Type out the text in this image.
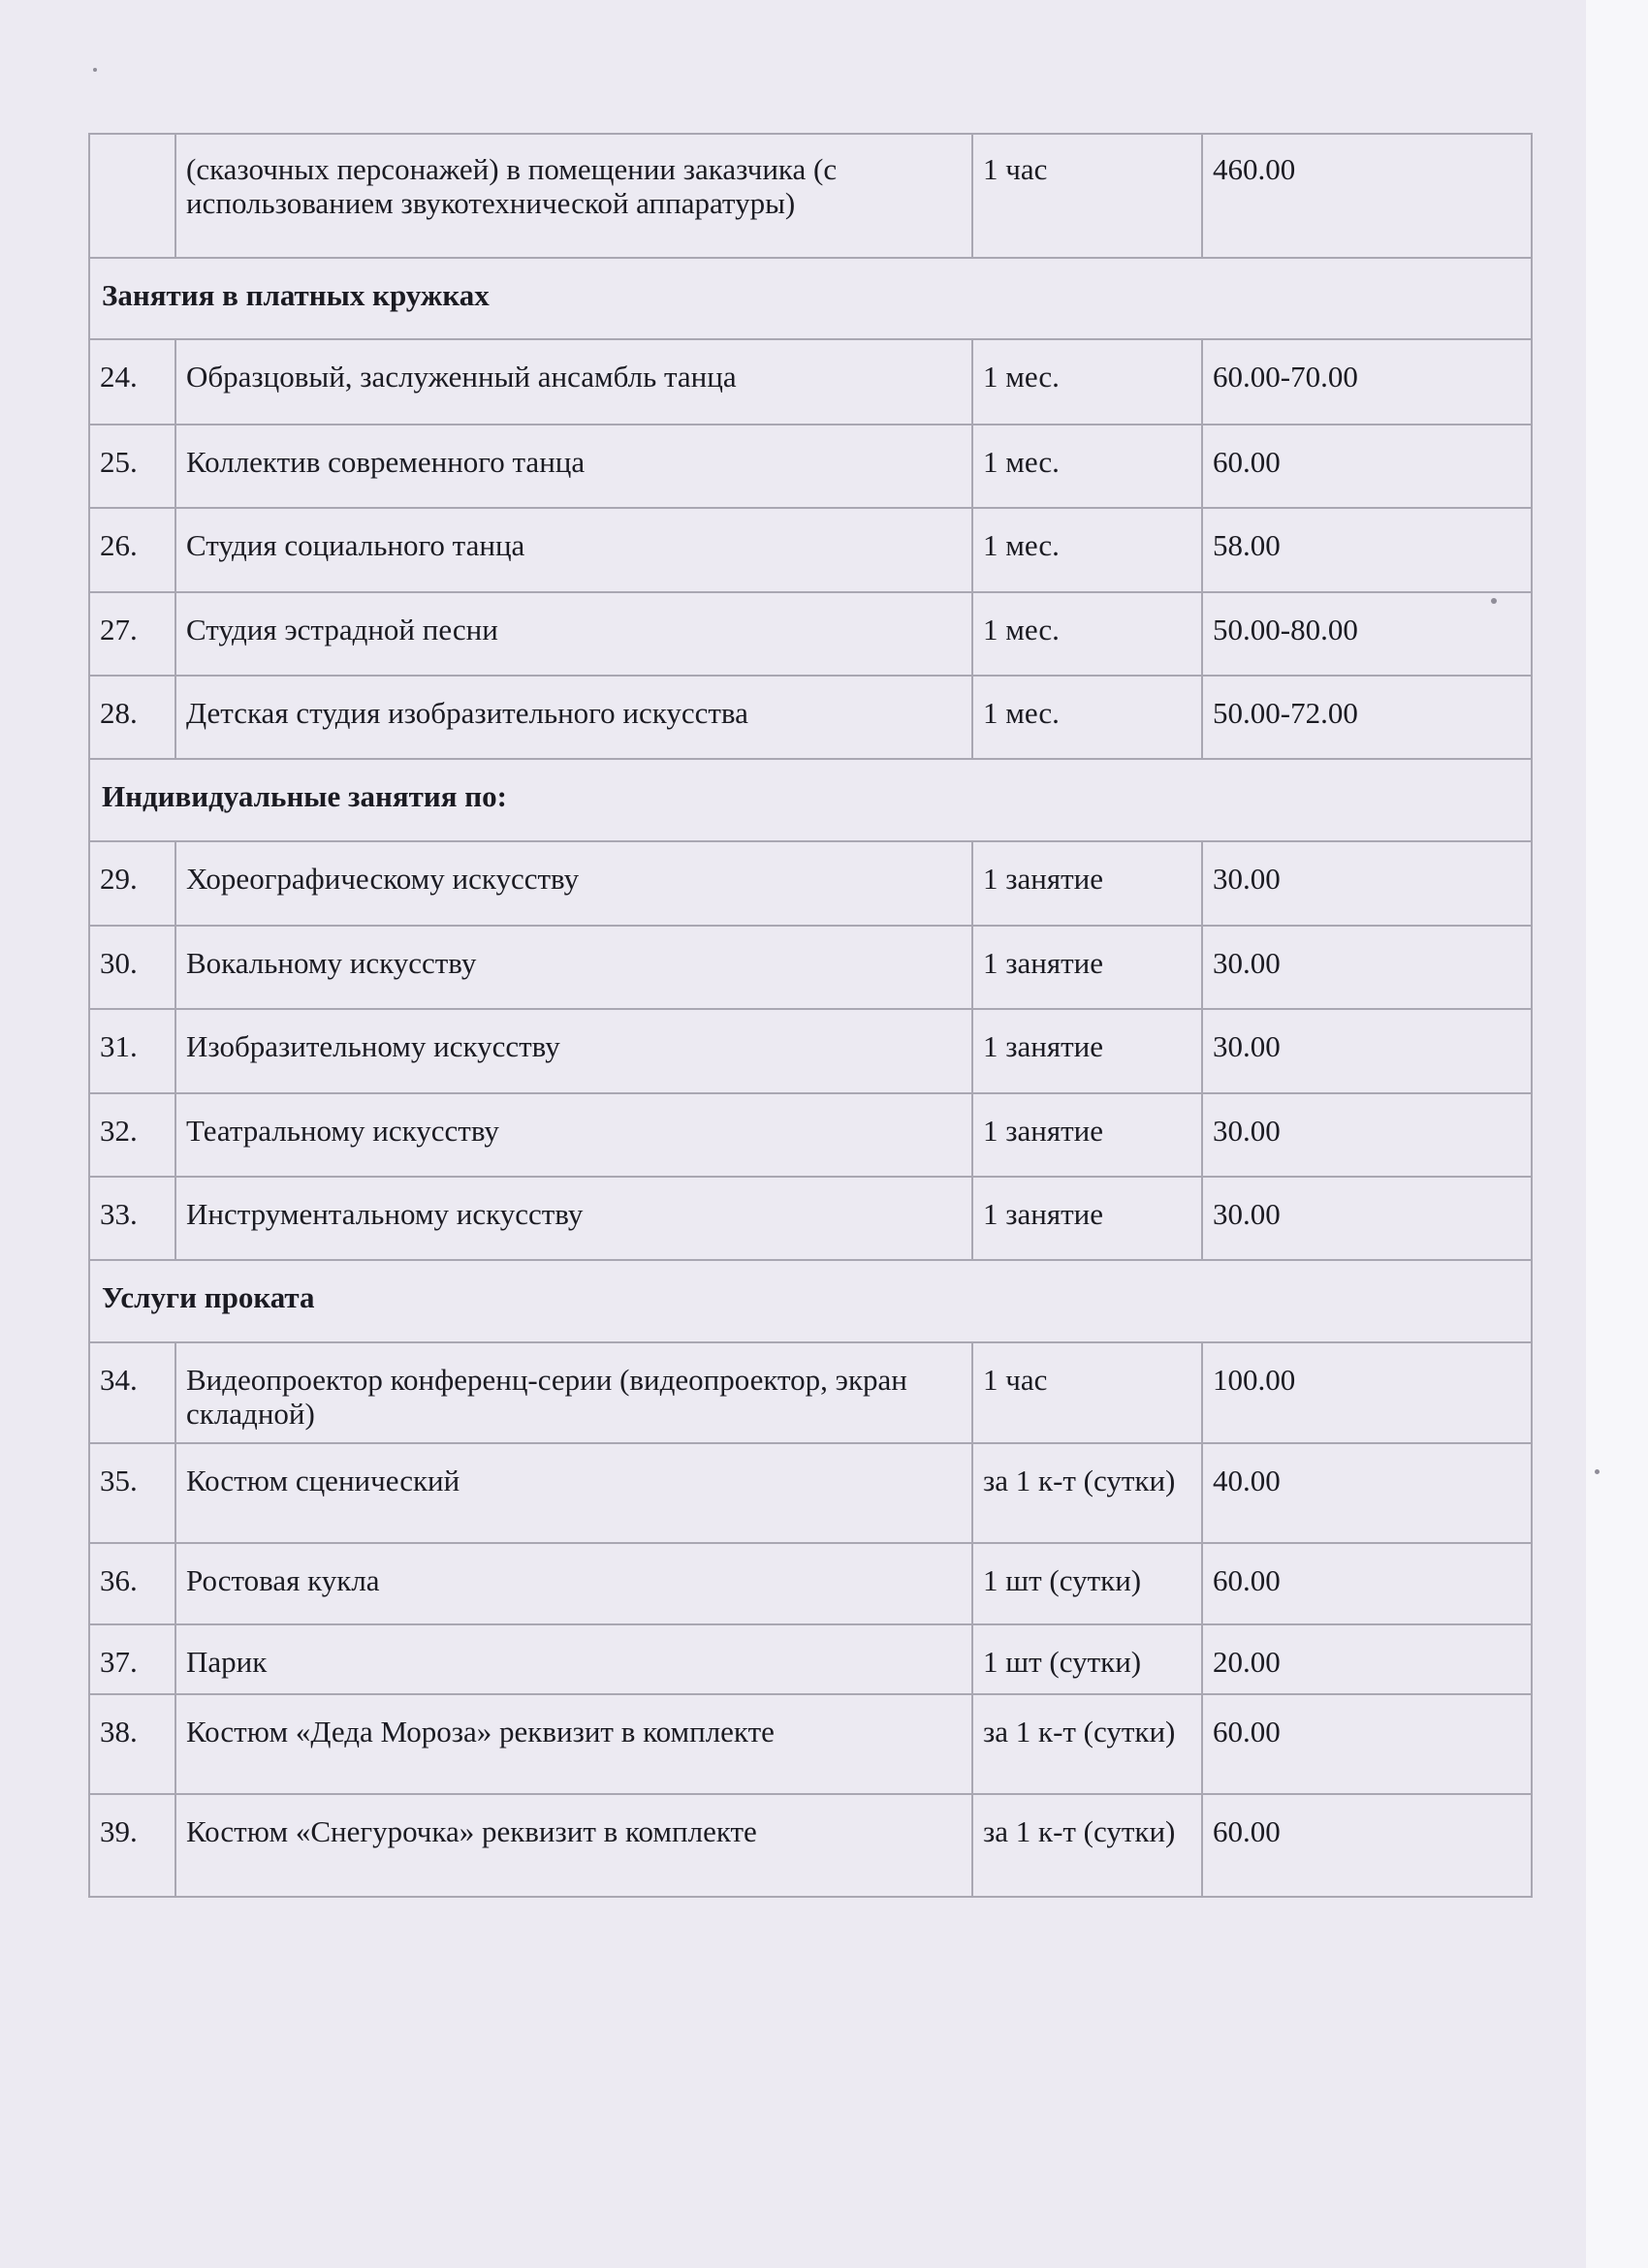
	(сказочных персонажей) в помещении заказчика (с использованием звукотехнической аппаратуры)	1 час	460.00
Занятия в платных кружках			
24.	Образцовый, заслуженный ансамбль танца	1 мес.	60.00-70.00
25.	Коллектив современного танца	1 мес.	60.00
26.	Студия социального танца	1 мес.	58.00
27.	Студия эстрадной песни	1 мес.	50.00-80.00
28.	Детская студия изобразительного искусства	1 мес.	50.00-72.00
Индивидуальные занятия по:			
29.	Хореографическому искусству	1 занятие	30.00
30.	Вокальному искусству	1 занятие	30.00
31.	Изобразительному искусству	1 занятие	30.00
32.	Театральному искусству	1 занятие	30.00
33.	Инструментальному искусству	1 занятие	30.00
Услуги проката			
34.	Видеопроектор конференц-серии (видеопроектор, экран складной)	1 час	100.00
35.	Костюм сценический	за 1 к-т (сутки)	40.00
36.	Ростовая кукла	1 шт (сутки)	60.00
37.	Парик	1 шт (сутки)	20.00
38.	Костюм «Деда Мороза» реквизит в комплекте	за 1 к-т (сутки)	60.00
39.	Костюм «Снегурочка» реквизит в комплекте	за 1 к-т (сутки)	60.00
